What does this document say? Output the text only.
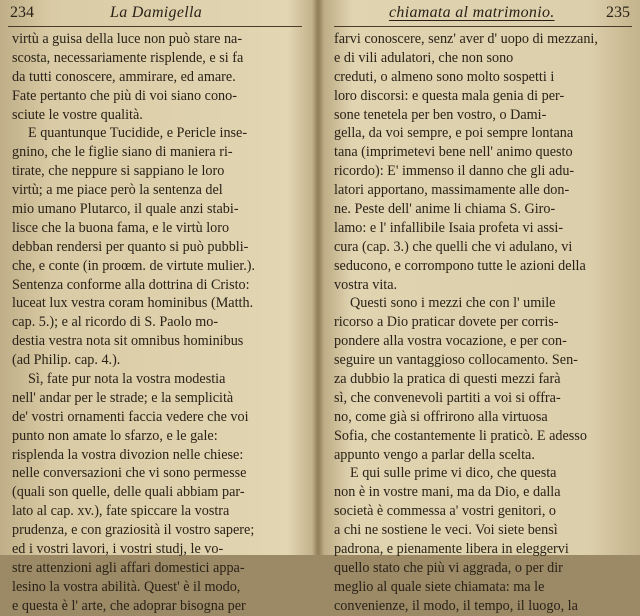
234	La Damigella
virtù a guisa della luce non può stare na-
scosta, necessariamente risplende, e si fa
da tutti conoscere, ammirare, ed amare.
Fate pertanto che più di voi siano cono-
sciute le vostre qualità.
E quantunque Tucidide, e Pericle inse-
gnino, che le figlie siano di maniera ri-
tirate, che neppure si sappiano le loro
virtù; a me piace però la sentenza del
mio umano Plutarco, il quale anzi stabi-
lisce che la buona fama, e le virtù loro
debban rendersi per quanto si può pubbli-
che, e conte (in proœm. de virtute mulier.).
Sentenza conforme alla dottrina di Cristo:
luceat lux vestra coram hominibus (Matth.
cap. 5.); e al ricordo di S. Paolo mo-
destia vestra nota sit omnibus hominibus
(ad Philip. cap. 4.).
Sì, fate pur nota la vostra modestia
nell' andar per le strade; e la semplicità
de' vostri ornamenti faccia vedere che voi
punto non amate lo sfarzo, e le gale:
risplenda la vostra divozion nelle chiese:
nelle conversazioni che vi sono permesse
(quali son quelle, delle quali abbiam par-
lato al cap. xv.), fate spiccare la vostra
prudenza, e con graziosità il vostro sapere;
ed i vostri lavori, i vostri studj, le vo-
stre attenzioni agli affari domestici appa-
lesino la vostra abilità. Quest' è il modo,
e questa è l' arte, che adoprar bisogna per
chiamata al matrimonio.	235
farvi conoscere, senz' aver d' uopo di mezzani,
e di vili adulatori, che non sono
creduti, o almeno sono molto sospetti i
loro discorsi: e questa mala genia di per-
sone tenetela per ben vostro, o Dami-
gella, da voi sempre, e poi sempre lontana
tana (imprimetevi bene nell' animo questo
ricordo): E' immenso il danno che gli adu-
latori apportano, massimamente alle don-
ne. Peste dell' anime li chiama S. Giro-
lamo: e l' infallibile Isaia profeta vi assi-
cura (cap. 3.) che quelli che vi adulano, vi
seducono, e corrompono tutte le azioni della
vostra vita.
Questi sono i mezzi che con l' umile
ricorso a Dio praticar dovete per corris-
pondere alla vostra vocazione, e per con-
seguire un vantaggioso collocamento. Sen-
za dubbio la pratica di questi mezzi farà
sì, che convenevoli partiti a voi si offra-
no, come già si offrirono alla virtuosa
Sofia, che costantemente li praticò. E adesso
appunto vengo a parlar della scelta.
E qui sulle prime vi dico, che questa
non è in vostre mani, ma da Dio, e dalla
società è commessa a' vostri genitori, o
a chi ne sostiene le veci. Voi siete bensì
padrona, e pienamente libera in eleggervi
quello stato che più vi aggrada, o per dir
meglio al quale siete chiamata: ma le
convenienze, il modo, il tempo, il luogo, la
